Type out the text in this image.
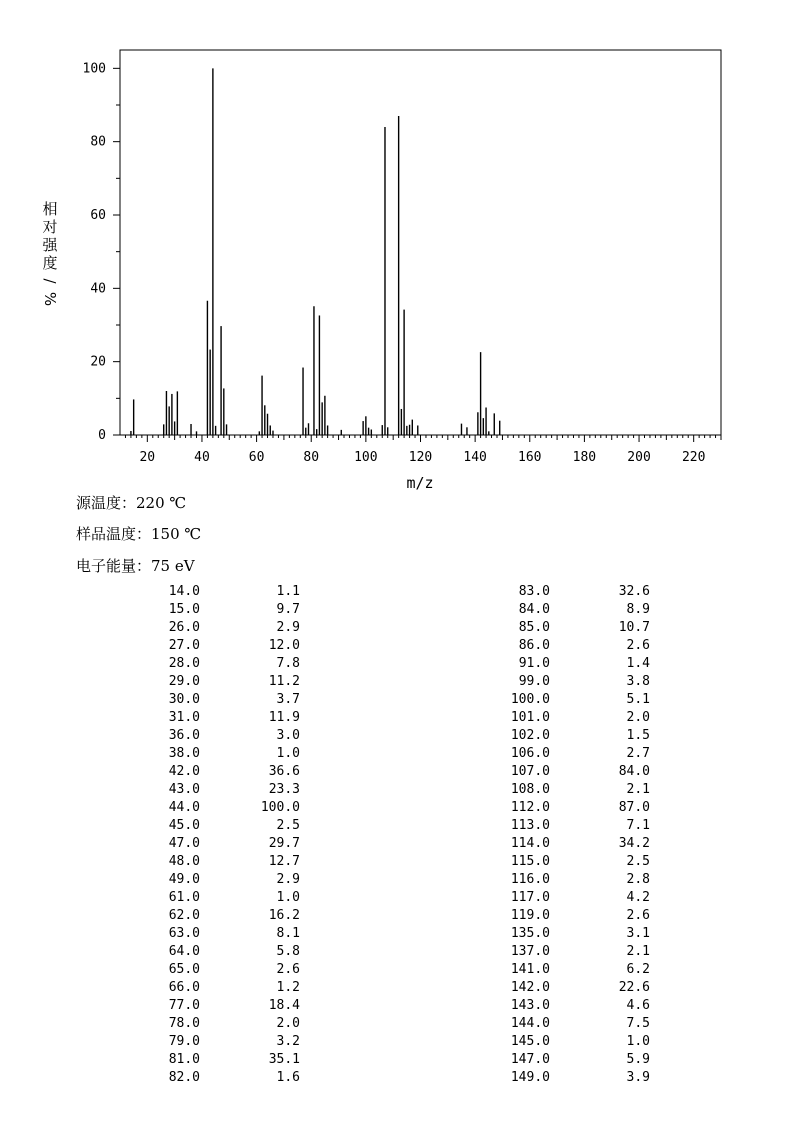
0
20
40
60
80
100
20	40	60	80	100 120 140 160 180 200 220
m/z
相
对
强
度
/
%
源温度：220 ℃
样品温度：150 ℃
电子能量：75 eV
14.0	1.1
15.0	9.7
26.0	2.9
27.0	12.0
28.0	7.8
29.0	11.2
30.0	3.7
31.0	11.9
36.0	3.0
38.0	1.0
42.0	36.6
43.0	23.3
44.0	100.0
45.0	2.5
47.0	29.7
48.0	12.7
49.0	2.9
61.0	1.0
62.0	16.2
63.0	8.1
64.0	5.8
65.0	2.6
66.0	1.2
77.0	18.4
78.0	2.0
79.0	3.2
81.0	35.1
82.0	1.6
83.0	32.6
84.0	8.9
85.0	10.7
86.0	2.6
91.0	1.4
99.0	3.8
100.0	5.1
101.0	2.0
102.0	1.5
106.0	2.7
107.0	84.0
108.0	2.1
112.0	87.0
113.0	7.1
114.0	34.2
115.0	2.5
116.0	2.8
117.0	4.2
119.0	2.6
135.0	3.1
137.0	2.1
141.0	6.2
142.0	22.6
143.0	4.6
144.0	7.5
145.0	1.0
147.0	5.9
149.0	3.9
